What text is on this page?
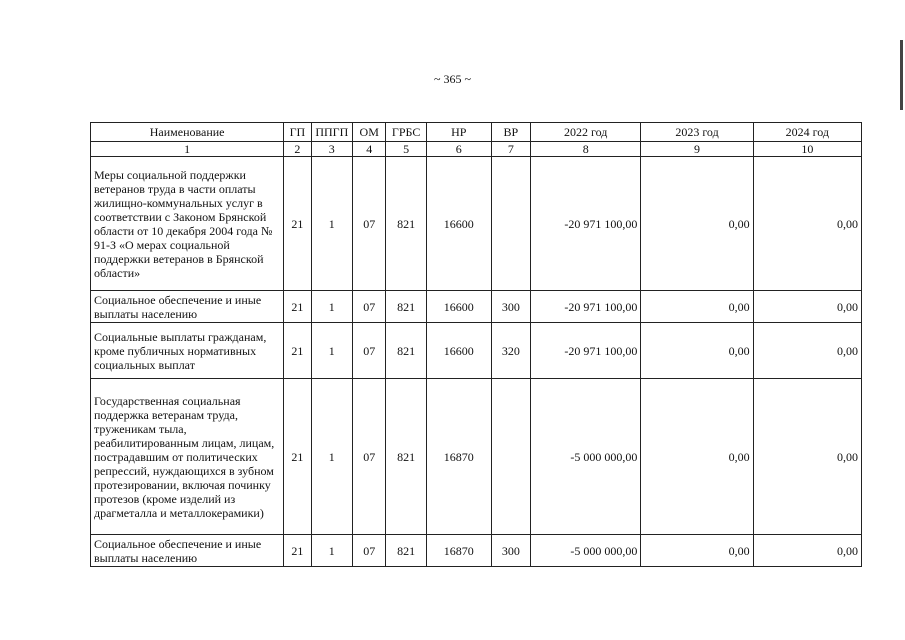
~ 365 ~
Наименование	ГП	ППГП	ОМ	ГРБС	НР	ВР	2022 год	2023 год	2024 год
1	2	3	4	5	6	7	8	9	10
Меры социальной поддержки ветеранов труда в части оплаты жилищно-коммунальных услуг в соответствии с Законом Брянской области от 10 декабря 2004 года № 91-З «О мерах социальной поддержки ветеранов в Брянской области»	21	1	07	821	16600		-20 971 100,00	0,00	0,00
Социальное обеспечение и иные выплаты населению	21	1	07	821	16600	300	-20 971 100,00	0,00	0,00
Социальные выплаты гражданам, кроме публичных нормативных социальных выплат	21	1	07	821	16600	320	-20 971 100,00	0,00	0,00
Государственная социальная поддержка ветеранам труда, труженикам тыла, реабилитированным лицам, лицам, пострадавшим от политических репрессий, нуждающихся в зубном протезировании, включая починку протезов (кроме изделий из драгметалла и металлокерамики)	21	1	07	821	16870		-5 000 000,00	0,00	0,00
Социальное обеспечение и иные выплаты населению	21	1	07	821	16870	300	-5 000 000,00	0,00	0,00
